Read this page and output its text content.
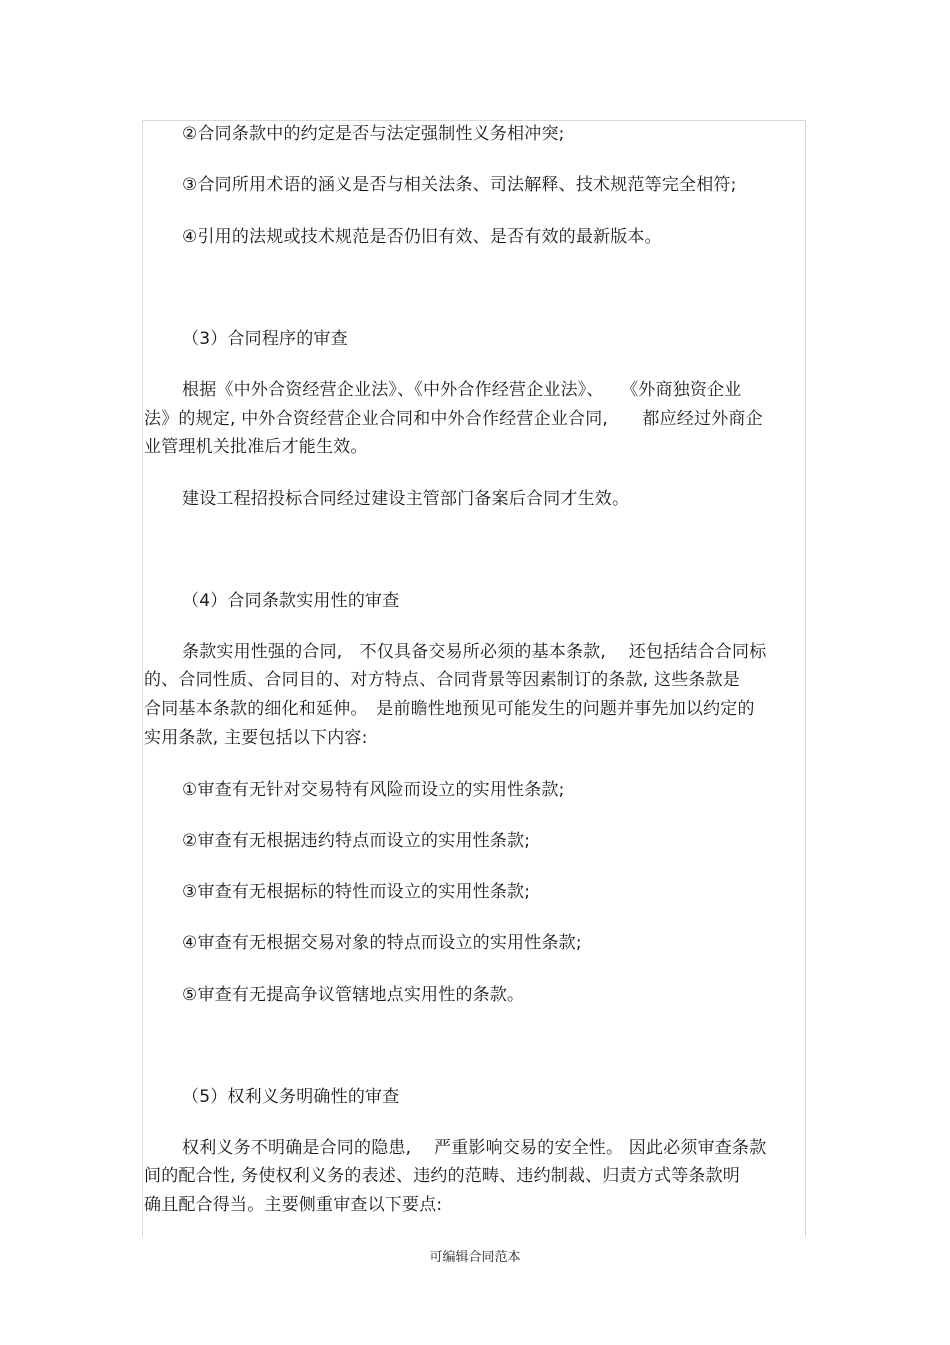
②合同条款中的约定是否与法定强制性义务相冲突;
③合同所用术语的涵义是否与相关法条、司法解释、技术规范等完全相符;
④引用的法规或技术规范是否仍旧有效、是否有效的最新版本。
（3）合同程序的审查
根据《中外合资经营企业法》、《中外合作经营企业法》、　　《外商独资企业
法》的规定, 中外合资经营企业合同和中外合作经营企业合同,　　都应经过外商企
业管理机关批准后才能生效。
建设工程招投标合同经过建设主管部门备案后合同才生效。
（4）合同条款实用性的审查
条款实用性强的合同,　不仅具备交易所必须的基本条款,　 还包括结合合同标
的、合同性质、合同目的、对方特点、合同背景等因素制订的条款, 这些条款是
合同基本条款的细化和延伸。　是前瞻性地预见可能发生的问题并事先加以约定的
实用条款, 主要包括以下内容:
①审查有无针对交易特有风险而设立的实用性条款;
②审查有无根据违约特点而设立的实用性条款;
③审查有无根据标的特性而设立的实用性条款;
④审查有无根据交易对象的特点而设立的实用性条款;
⑤审查有无提高争议管辖地点实用性的条款。
（5）权利义务明确性的审查
权利义务不明确是合同的隐患,　 严重影响交易的安全性。 因此必须审查条款
间的配合性, 务使权利义务的表述、违约的范畴、违约制裁、归责方式等条款明
确且配合得当。主要侧重审查以下要点:
可编辑合同范本
